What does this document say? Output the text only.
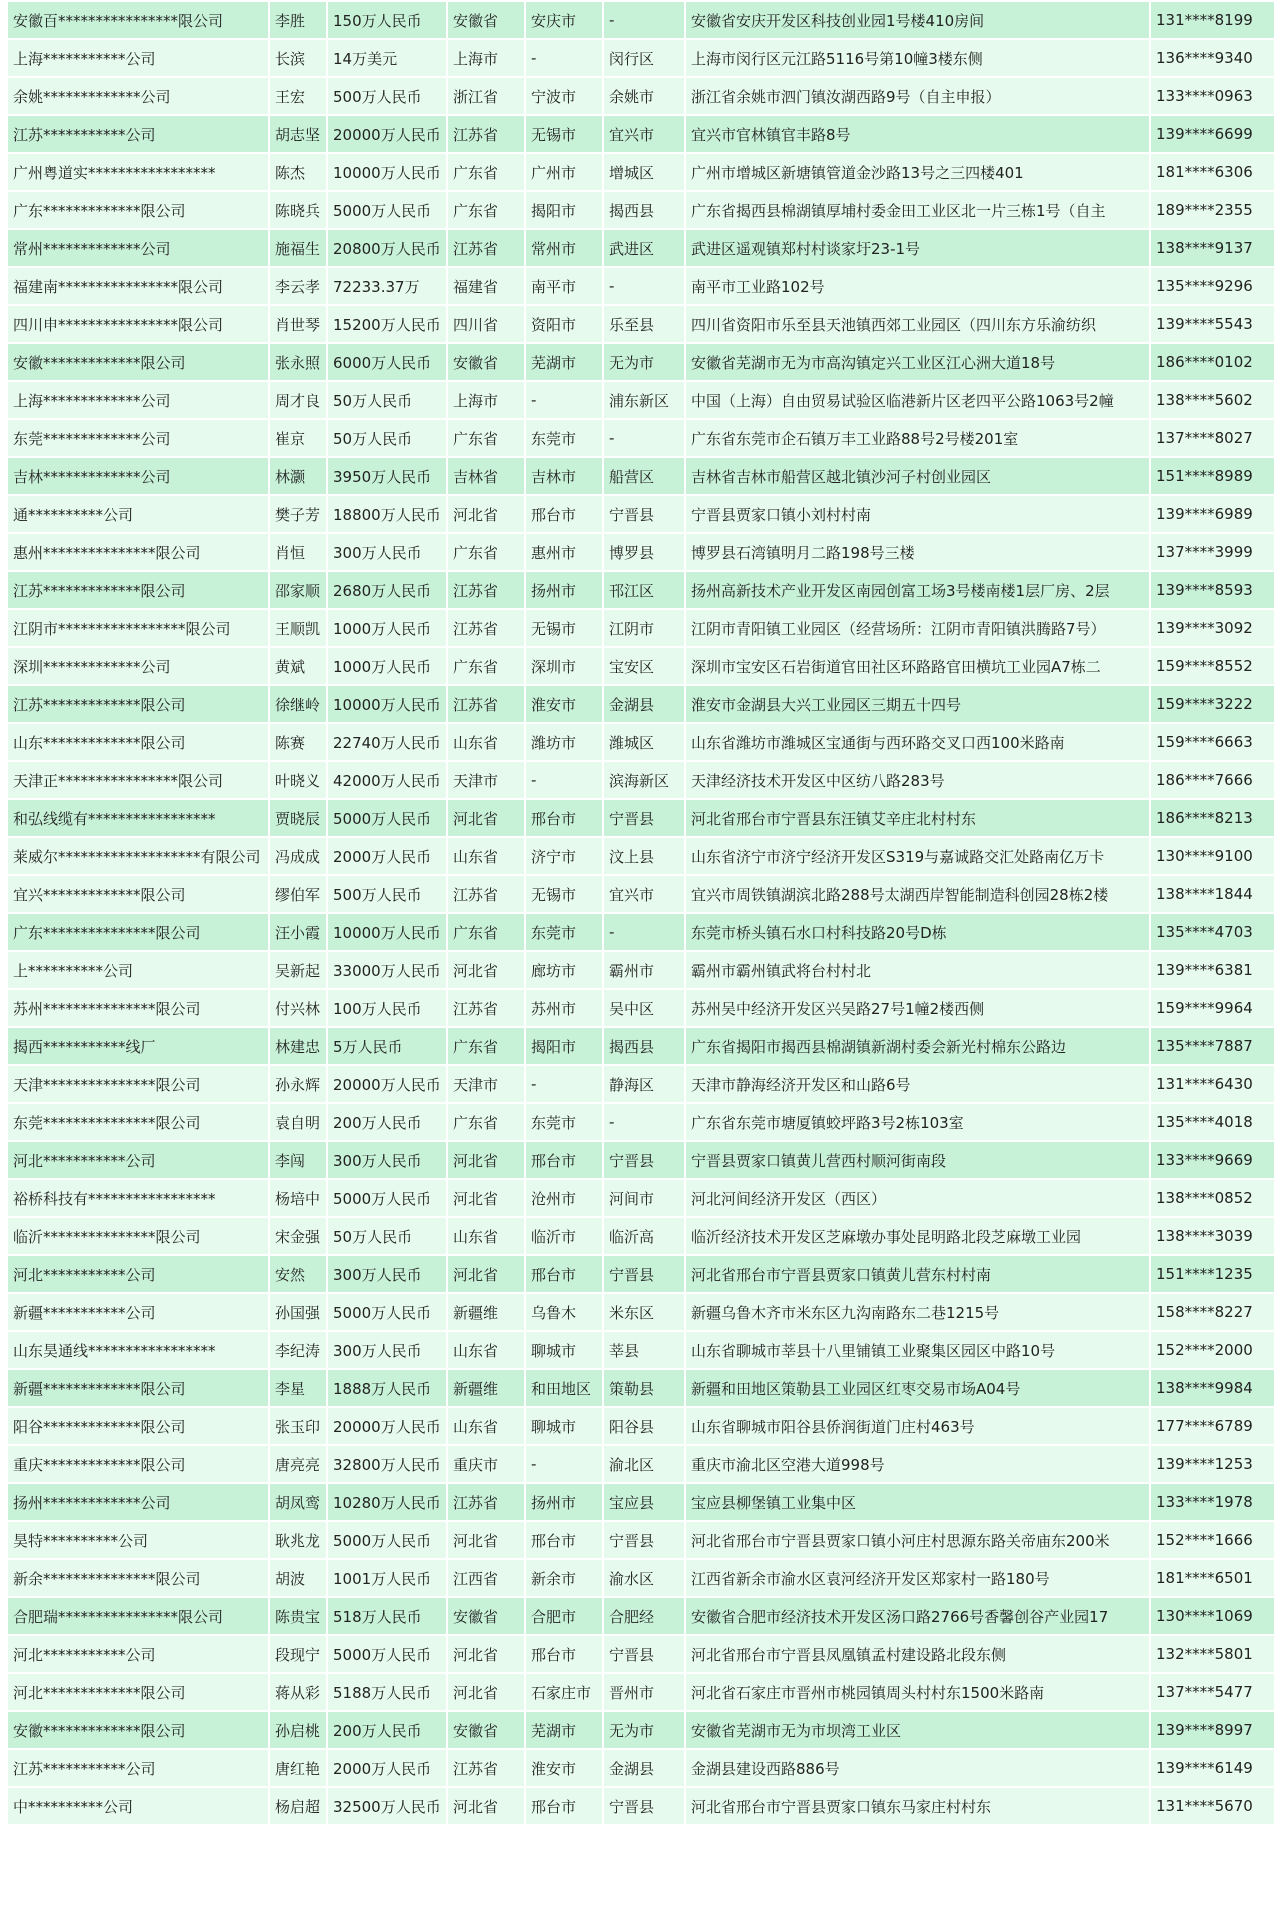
安徽百****************限公司	李胜	150万人民币	安徽省	安庆市	-	安徽省安庆开发区科技创业园1号楼410房间	131****8199
上海***********公司	长滨	14万美元	上海市	-	闵行区	上海市闵行区元江路5116号第10幢3楼东侧	136****9340
余姚*************公司	王宏	500万人民币	浙江省	宁波市	余姚市	浙江省余姚市泗门镇汝湖西路9号（自主申报）	133****0963
江苏***********公司	胡志坚	20000万人民币	江苏省	无锡市	宜兴市	宜兴市官林镇官丰路8号	139****6699
广州粤道实*****************	陈杰	10000万人民币	广东省	广州市	增城区	广州市增城区新塘镇管道金沙路13号之三四楼401	181****6306
广东*************限公司	陈晓兵	5000万人民币	广东省	揭阳市	揭西县	广东省揭西县棉湖镇厚埔村委金田工业区北一片三栋1号（自主	189****2355
常州*************公司	施福生	20800万人民币	江苏省	常州市	武进区	武进区遥观镇郑村村谈家圩23-1号	138****9137
福建南****************限公司	李云孝	72233.37万	福建省	南平市	-	南平市工业路102号	135****9296
四川申****************限公司	肖世琴	15200万人民币	四川省	资阳市	乐至县	四川省资阳市乐至县天池镇西郊工业园区（四川东方乐渝纺织	139****5543
安徽*************限公司	张永照	6000万人民币	安徽省	芜湖市	无为市	安徽省芜湖市无为市高沟镇定兴工业区江心洲大道18号	186****0102
上海*************公司	周才良	50万人民币	上海市	-	浦东新区	中国（上海）自由贸易试验区临港新片区老四平公路1063号2幢	138****5602
东莞*************公司	崔京	50万人民币	广东省	东莞市	-	广东省东莞市企石镇万丰工业路88号2号楼201室	137****8027
吉林*************公司	林灏	3950万人民币	吉林省	吉林市	船营区	吉林省吉林市船营区越北镇沙河子村创业园区	151****8989
通**********公司	樊子芳	18800万人民币	河北省	邢台市	宁晋县	宁晋县贾家口镇小刘村村南	139****6989
惠州***************限公司	肖恒	300万人民币	广东省	惠州市	博罗县	博罗县石湾镇明月二路198号三楼	137****3999
江苏*************限公司	邵家顺	2680万人民币	江苏省	扬州市	邗江区	扬州高新技术产业开发区南园创富工场3号楼南楼1层厂房、2层	139****8593
江阴市*****************限公司	王顺凯	1000万人民币	江苏省	无锡市	江阴市	江阴市青阳镇工业园区（经营场所：江阴市青阳镇洪腾路7号）	139****3092
深圳*************公司	黄斌	1000万人民币	广东省	深圳市	宝安区	深圳市宝安区石岩街道官田社区环路路官田横坑工业园A7栋二	159****8552
江苏*************限公司	徐继岭	10000万人民币	江苏省	淮安市	金湖县	淮安市金湖县大兴工业园区三期五十四号	159****3222
山东*************限公司	陈赛	22740万人民币	山东省	潍坊市	潍城区	山东省潍坊市潍城区宝通街与西环路交叉口西100米路南	159****6663
天津正****************限公司	叶晓义	42000万人民币	天津市	-	滨海新区	天津经济技术开发区中区纺八路283号	186****7666
和弘线缆有*****************	贾晓辰	5000万人民币	河北省	邢台市	宁晋县	河北省邢台市宁晋县东汪镇艾辛庄北村村东	186****8213
莱威尔*******************有限公司	冯成成	2000万人民币	山东省	济宁市	汶上县	山东省济宁市济宁经济开发区S319与嘉诚路交汇处路南亿万卡	130****9100
宜兴*************限公司	缪伯军	500万人民币	江苏省	无锡市	宜兴市	宜兴市周铁镇湖滨北路288号太湖西岸智能制造科创园28栋2楼	138****1844
广东***************限公司	汪小霞	10000万人民币	广东省	东莞市	-	东莞市桥头镇石水口村科技路20号D栋	135****4703
上**********公司	吴新起	33000万人民币	河北省	廊坊市	霸州市	霸州市霸州镇武将台村村北	139****6381
苏州***************限公司	付兴林	100万人民币	江苏省	苏州市	吴中区	苏州吴中经济开发区兴吴路27号1幢2楼西侧	159****9964
揭西***********线厂	林建忠	5万人民币	广东省	揭阳市	揭西县	广东省揭阳市揭西县棉湖镇新湖村委会新光村棉东公路边	135****7887
天津***************限公司	孙永辉	20000万人民币	天津市	-	静海区	天津市静海经济开发区和山路6号	131****6430
东莞***************限公司	袁自明	200万人民币	广东省	东莞市	-	广东省东莞市塘厦镇蛟坪路3号2栋103室	135****4018
河北***********公司	李闯	300万人民币	河北省	邢台市	宁晋县	宁晋县贾家口镇黄儿营西村顺河街南段	133****9669
裕桥科技有*****************	杨培中	5000万人民币	河北省	沧州市	河间市	河北河间经济开发区（西区）	138****0852
临沂***************限公司	宋金强	50万人民币	山东省	临沂市	临沂高	临沂经济技术开发区芝麻墩办事处昆明路北段芝麻墩工业园	138****3039
河北***********公司	安然	300万人民币	河北省	邢台市	宁晋县	河北省邢台市宁晋县贾家口镇黄儿营东村村南	151****1235
新疆***********公司	孙国强	5000万人民币	新疆维	乌鲁木	米东区	新疆乌鲁木齐市米东区九沟南路东二巷1215号	158****8227
山东昊通线*****************	李纪涛	300万人民币	山东省	聊城市	莘县	山东省聊城市莘县十八里铺镇工业聚集区园区中路10号	152****2000
新疆*************限公司	李星	1888万人民币	新疆维	和田地区	策勒县	新疆和田地区策勒县工业园区红枣交易市场A04号	138****9984
阳谷*************限公司	张玉印	20000万人民币	山东省	聊城市	阳谷县	山东省聊城市阳谷县侨润街道门庄村463号	177****6789
重庆*************限公司	唐亮亮	32800万人民币	重庆市	-	渝北区	重庆市渝北区空港大道998号	139****1253
扬州*************公司	胡凤鸾	10280万人民币	江苏省	扬州市	宝应县	宝应县柳堡镇工业集中区	133****1978
昊特**********公司	耿兆龙	5000万人民币	河北省	邢台市	宁晋县	河北省邢台市宁晋县贾家口镇小河庄村思源东路关帝庙东200米	152****1666
新余***************限公司	胡波	1001万人民币	江西省	新余市	渝水区	江西省新余市渝水区袁河经济开发区郑家村一路180号	181****6501
合肥瑞****************限公司	陈贵宝	518万人民币	安徽省	合肥市	合肥经	安徽省合肥市经济技术开发区汤口路2766号香馨创谷产业园17	130****1069
河北***********公司	段现宁	5000万人民币	河北省	邢台市	宁晋县	河北省邢台市宁晋县凤凰镇孟村建设路北段东侧	132****5801
河北*************限公司	蒋从彩	5188万人民币	河北省	石家庄市	晋州市	河北省石家庄市晋州市桃园镇周头村村东1500米路南	137****5477
安徽*************限公司	孙启桃	200万人民币	安徽省	芜湖市	无为市	安徽省芜湖市无为市坝湾工业区	139****8997
江苏***********公司	唐红艳	2000万人民币	江苏省	淮安市	金湖县	金湖县建设西路886号	139****6149
中**********公司	杨启超	32500万人民币	河北省	邢台市	宁晋县	河北省邢台市宁晋县贾家口镇东马家庄村村东	131****5670
